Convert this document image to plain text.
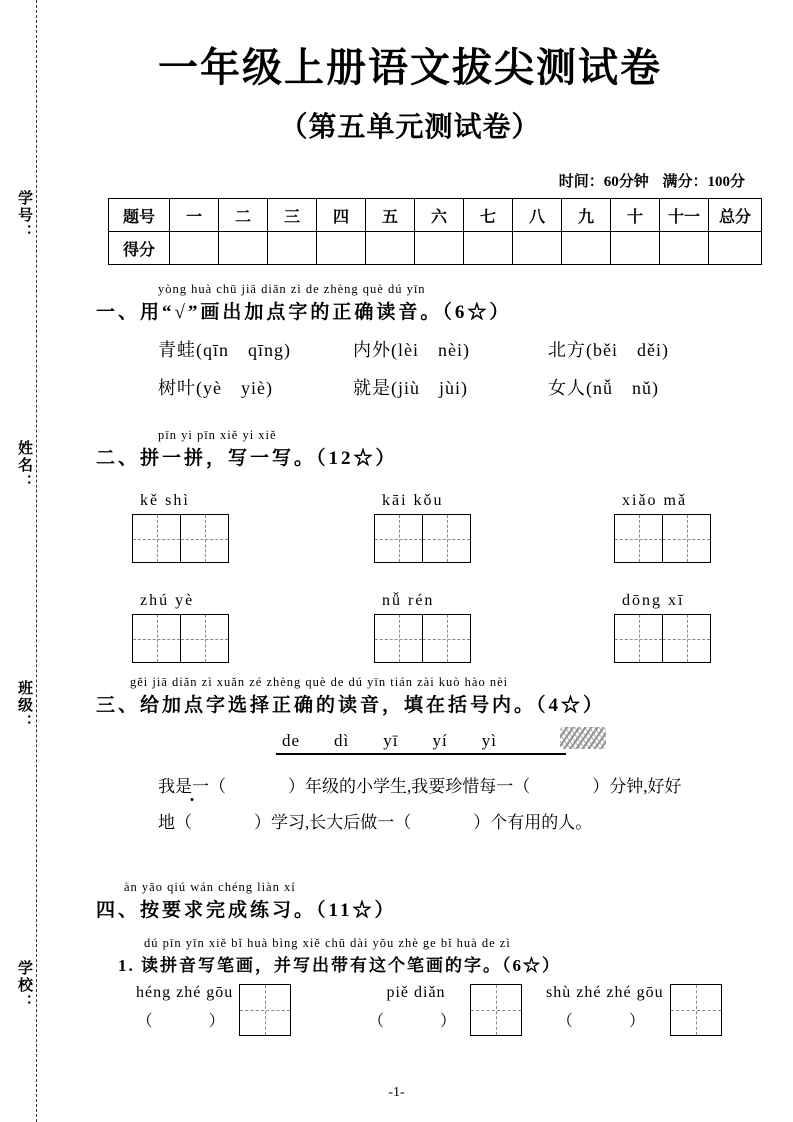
学号：
姓名：
班级：
学校：
一年级上册语文拔尖测试卷
（第五单元测试卷）
时间：60分钟 满分：100分
题号	一	二	三	四	五	六	七	八	九	十	十一	总分
得分												
yòng huà chū jiā diǎn zì de zhèng què dú yīn
一、用“√”画出加点字的正确读音。（6☆）
青蛙(qīn　qīng)	内外(lèi　nèi)	北方(běi　děi)
树叶(yè　yiè)	就是(jiù　jùi)	女人(nǚ　nǔ)
pīn yi pīn xiě yi xiě
二、拼一拼，写一写。（12☆）
kě shì	kāi kǒu	xiǎo mǎ
zhú yè	nǚ rén	dōng xī
gěi jiā diǎn zì xuǎn zé zhèng què de dú yīn tián zài kuò hào nèi
三、给加点字选择正确的读音，填在括号内。（4☆）
de dì yī yí yì
我是一（	）年级的小学生,我要珍惜每一（	）分钟,好好
地（	）学习,长大后做一（	）个有用的人。
àn yāo qiú wán chéng liàn xí
四、按要求完成练习。（11☆）
dú pīn yīn xiě bǐ huà bìng xiě chū dài yǒu zhè ge bǐ huà de zì
1. 读拼音写笔画，并写出带有这个笔画的字。（6☆）
héng zhé gōu
（　　）
piě diǎn
（　　）
shù zhé zhé gōu
（　　）
-1-
